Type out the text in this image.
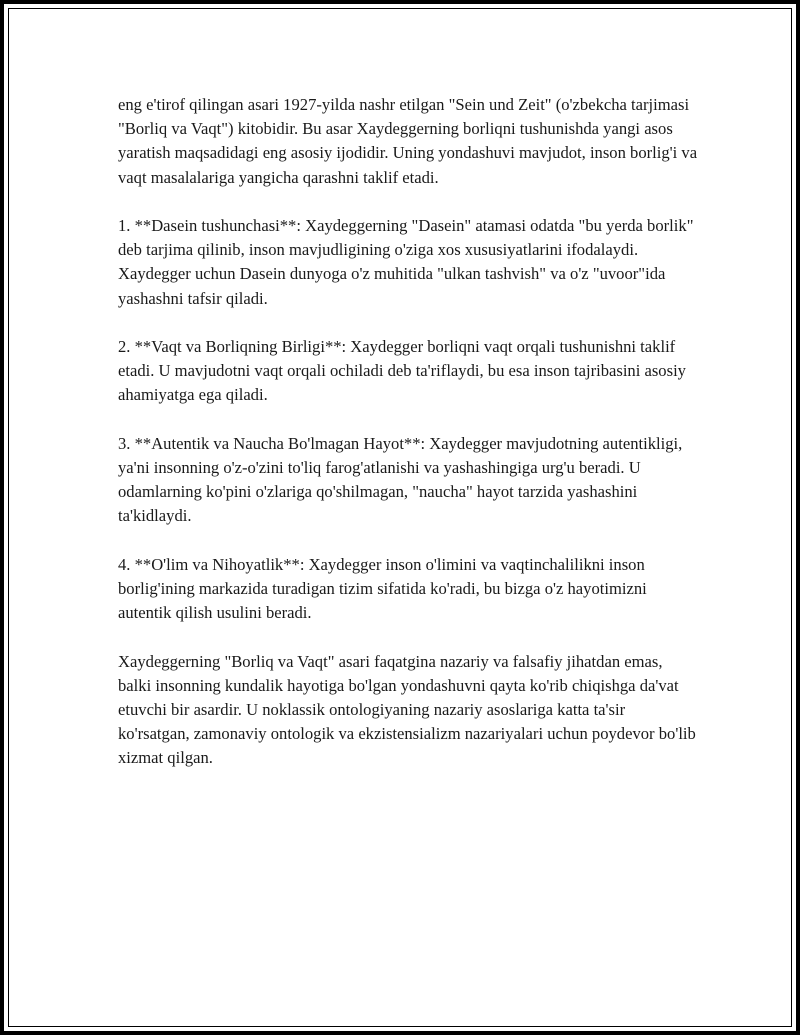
eng e'tirof qilingan asari 1927-yilda nashr etilgan "Sein und Zeit" (o'zbekcha tarjimasi "Borliq va Vaqt") kitobidir. Bu asar Xaydeggerning borliqni tushunishda yangi asos yaratish maqsadidagi eng asosiy ijodidir. Uning yondashuvi mavjudot, inson borlig'i va vaqt masalalariga yangicha qarashni taklif etadi.

1. **Dasein tushunchasi**: Xaydeggerning "Dasein" atamasi odatda "bu yerda borlik" deb tarjima qilinib, inson mavjudligining o'ziga xos xususiyatlarini ifodalaydi. Xaydegger uchun Dasein dunyoga o'z muhitida "ulkan tashvish" va o'z "uvoor"ida yashashni tafsir qiladi.

2. **Vaqt va Borliqning Birligi**: Xaydegger borliqni vaqt orqali tushunishni taklif etadi. U mavjudotni vaqt orqali ochiladi deb ta'riflaydi, bu esa inson tajribasini asosiy ahamiyatga ega qiladi.

3. **Autentik va Naucha Bo'lmagan Hayot**: Xaydegger mavjudotning autentikligi, ya'ni insonning o'z-o'zini to'liq farog'atlanishi va yashashingiga urg'u beradi. U odamlarning ko'pini o'zlariga qo'shilmagan, "naucha" hayot tarzida yashashini ta'kidlaydi.

4. **O'lim va Nihoyatlik**: Xaydegger inson o'limini va vaqtinchalilikni inson borlig'ining markazida turadigan tizim sifatida ko'radi, bu bizga o'z hayotimizni autentik qilish usulini beradi.

Xaydeggerning "Borliq va Vaqt" asari faqatgina nazariy va falsafiy jihatdan emas, balki insonning kundalik hayotiga bo'lgan yondashuvni qayta ko'rib chiqishga da'vat etuvchi bir asardir. U noklassik ontologiyaning nazariy asoslariga katta ta'sir ko'rsatgan, zamonaviy ontologik va ekzistensializm nazariyalari uchun poydevor bo'lib xizmat qilgan.
